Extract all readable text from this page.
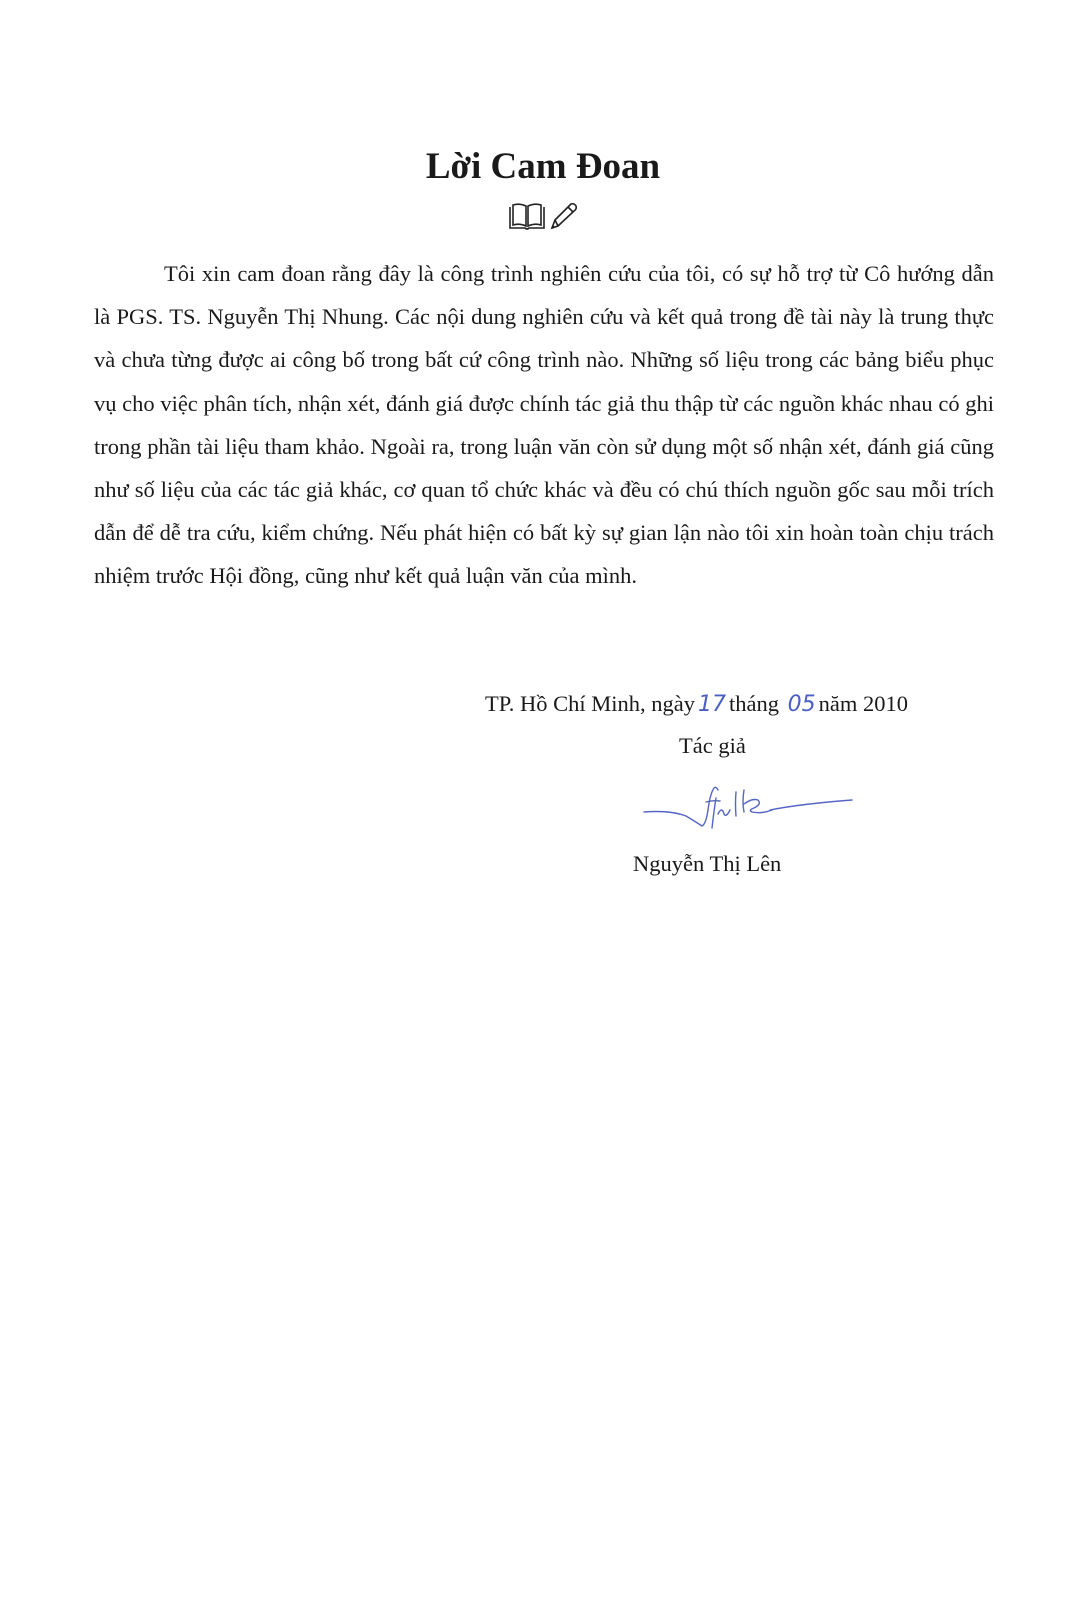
Lời Cam Đoan

Tôi xin cam đoan rằng đây là công trình nghiên cứu của tôi, có sự hỗ trợ từ Cô hướng dẫn là PGS. TS. Nguyễn Thị Nhung. Các nội dung nghiên cứu và kết quả trong đề tài này là trung thực và chưa từng được ai công bố trong bất cứ công trình nào. Những số liệu trong các bảng biểu phục vụ cho việc phân tích, nhận xét, đánh giá được chính tác giả thu thập từ các nguồn khác nhau có ghi trong phần tài liệu tham khảo. Ngoài ra, trong luận văn còn sử dụng một số nhận xét, đánh giá cũng như số liệu của các tác giả khác, cơ quan tổ chức khác và đều có chú thích nguồn gốc sau mỗi trích dẫn để dễ tra cứu, kiểm chứng. Nếu phát hiện có bất kỳ sự gian lận nào tôi xin hoàn toàn chịu trách nhiệm trước Hội đồng, cũng như kết quả luận văn của mình.

TP. Hồ Chí Minh, ngày 17 tháng 05 năm 2010
Tác giả
Nguyễn Thị Lên
